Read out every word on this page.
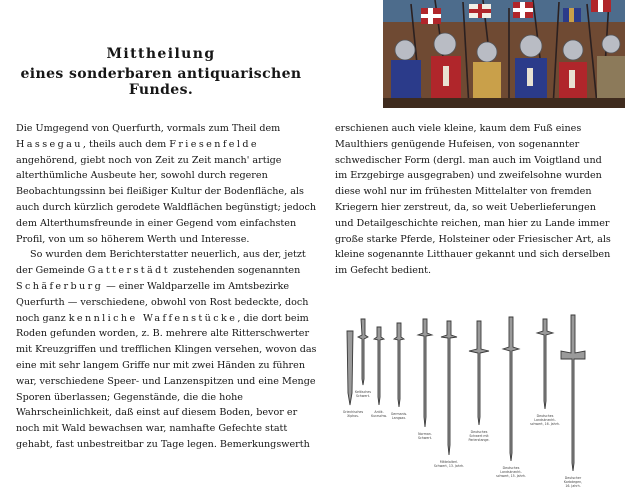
Mittheilung
eines sonderbaren antiquarischen Fundes.

Die Umgegend von Querfurth, vormals zum Theil dem
Hassegau, theils auch dem Friesenfelde angehörend, giebt noch von Zeit zu Zeit manch' artige alterthümliche Ausbeute her, sowohl durch regeren Beobachtungssinn bei fleißiger Kultur der Bodenfläche, als auch durch kürzlich gerodete Waldflächen begünstigt; jedoch dem Alterthumsfreunde in einer Gegend vom einfachsten Profil, von um so höherem Werth und Interesse.

So wurden dem Berichterstatter neuerlich, aus der, jetzt der Gemeinde Gatterstädt zustehenden sogenannten
Schäferburg — einer Waldparzelle im Amtsbezirke Querfurth — verschiedene, obwohl von Rost bedeckte, doch noch ganz kennliche Waffenstücke, die dort beim Roden gefunden worden, z. B. mehrere alte Ritterschwerter mit Kreuzgriffen und trefflichen Klingen versehen, wovon das eine mit sehr langem Griffe nur mit zwei Händen zu führen war, verschiedene Speer- und Lanzenspitzen und eine Menge Sporen überlassen; Gegenstände, die die hohe Wahrscheinlichkeit, daß einst auf diesem Boden, bevor er noch mit Wald bewachsen war, namhafte Gefechte statt gehabt, fast unbestreitbar zu Tage legen. Bemerkungswerth

erschienen auch viele kleine, kaum dem Fuß eines Maulthiers genügende Hufeisen, von sogenannter schwedischer Form (dergl. man auch im Voigtland und im Erzgebirge ausgegraben) und zweifelsohne wurden diese wohl nur im frühesten Mittelalter von fremden Kriegern hier zerstreut, da, so weit Ueberlieferungen und Detailgeschichte reichen, man hier zu Lande immer große starke Pferde, Holsteiner oder Friesischer Art, als kleine sogenannte Litthauer gekannt und sich derselben im Gefecht bedient.

Griechisches Xiphos.
Keltisches Schwert.
Antik. Kurzschw. Germanis. Langsax.
Norman. Schwert.
Mittelalterl. Schwert, 13. Jahrh.
Deutsches Schwert mit Parierstange.
Deutsches Landsknecht-schwert, 15. Jahrh.
Deutsches Landsknecht-schwert, 16. Jahrh.
Deutscher Korbdegen, 16. Jahrh.
